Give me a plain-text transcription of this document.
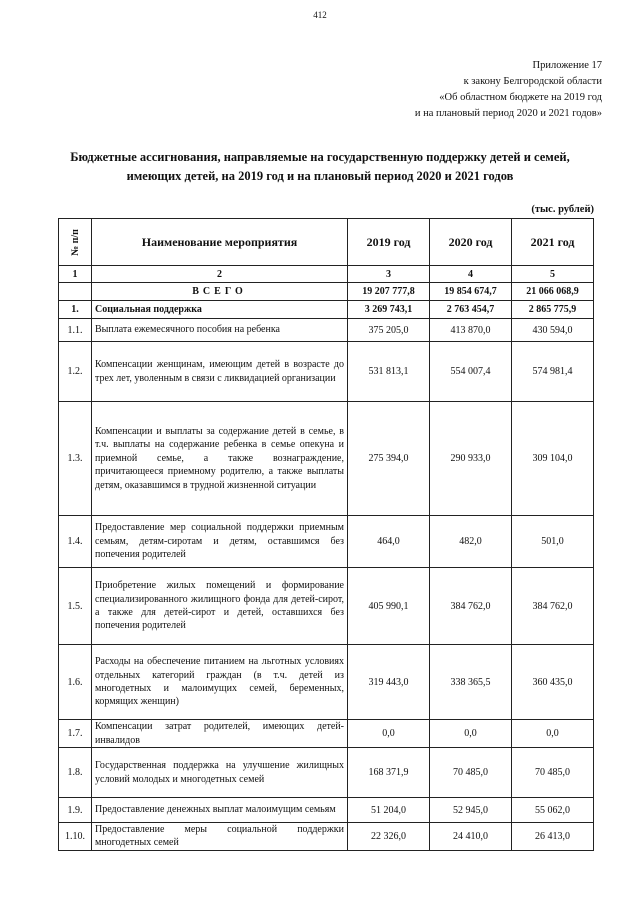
412
Приложение 17
к закону Белгородской области
«Об областном бюджете на 2019 год
и на плановый период 2020 и 2021 годов»
Бюджетные ассигнования, направляемые на государственную поддержку детей и семей,
имеющих детей, на 2019 год и на плановый период 2020 и 2021 годов
(тыс. рублей)
№ п/п	Наименование мероприятия	2019 год	2020 год	2021 год
1	2	3	4	5
	ВСЕГО	19 207 777,8	19 854 674,7	21 066 068,9
1.	Социальная поддержка	3 269 743,1	2 763 454,7	2 865 775,9
1.1.	Выплата ежемесячного пособия на ребенка	375 205,0	413 870,0	430 594,0
1.2.	Компенсации женщинам, имеющим детей в возрасте до трех лет, уволенным в связи с ликвидацией организации	531 813,1	554 007,4	574 981,4
1.3.	Компенсации и выплаты за содержание детей в семье, в т.ч. выплаты на содержание ребенка в семье опекуна и приемной семье, а также вознаграждение, причитающееся приемному родителю, а также выплаты детям, оказавшимся в трудной жизненной ситуации	275 394,0	290 933,0	309 104,0
1.4.	Предоставление мер социальной поддержки приемным семьям, детям-сиротам и детям, оставшимся без попечения родителей	464,0	482,0	501,0
1.5.	Приобретение жилых помещений и формирование специализированного жилищного фонда для детей-сирот, а также для детей-сирот и детей, оставшихся без попечения родителей	405 990,1	384 762,0	384 762,0
1.6.	Расходы на обеспечение питанием на льготных условиях отдельных категорий граждан (в т.ч. детей из многодетных и малоимущих семей, беременных, кормящих женщин)	319 443,0	338 365,5	360 435,0
1.7.	Компенсации затрат родителей, имеющих детей-инвалидов	0,0	0,0	0,0
1.8.	Государственная поддержка на улучшение жилищных условий молодых и многодетных семей	168 371,9	70 485,0	70 485,0
1.9.	Предоставление денежных выплат малоимущим семьям	51 204,0	52 945,0	55 062,0
1.10.	Предоставление меры социальной поддержки многодетных семей	22 326,0	24 410,0	26 413,0
